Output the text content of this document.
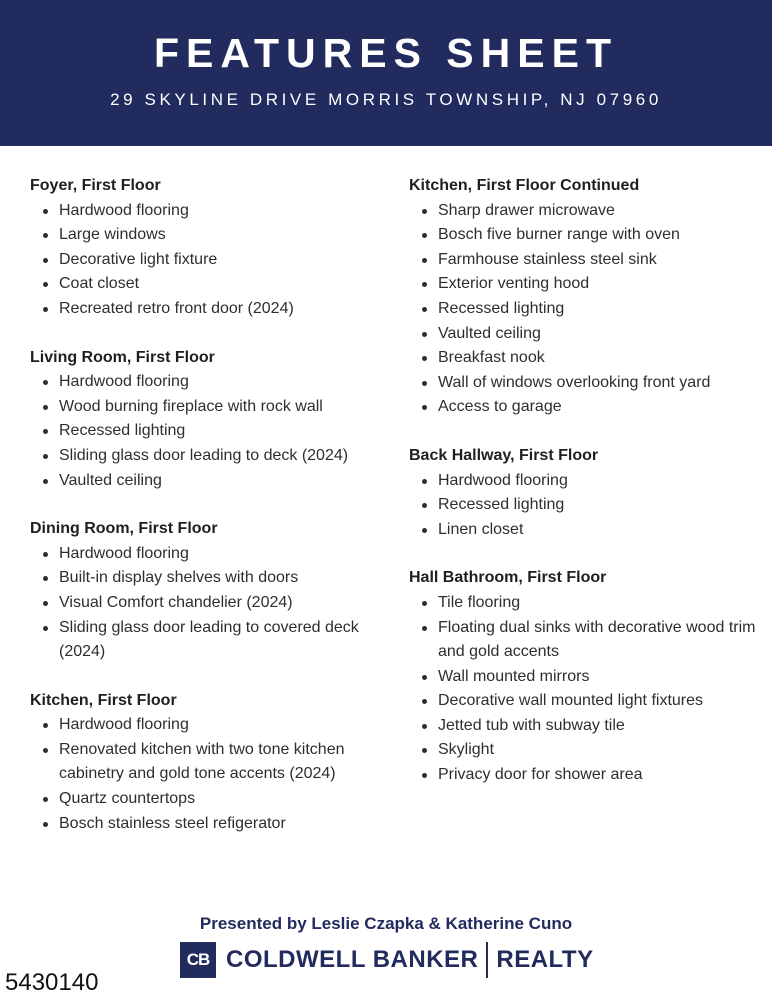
FEATURES SHEET
29 SKYLINE DRIVE MORRIS TOWNSHIP, NJ 07960
Foyer, First Floor
Hardwood flooring
Large windows
Decorative light fixture
Coat closet
Recreated retro front door (2024)
Living Room, First Floor
Hardwood flooring
Wood burning fireplace with rock wall
Recessed lighting
Sliding glass door leading to deck (2024)
Vaulted ceiling
Dining Room, First Floor
Hardwood flooring
Built-in display shelves with doors
Visual Comfort chandelier (2024)
Sliding glass door leading to covered deck (2024)
Kitchen, First Floor
Hardwood flooring
Renovated kitchen with two tone kitchen cabinetry and gold tone accents (2024)
Quartz countertops
Bosch stainless steel refigerator
Kitchen, First Floor Continued
Sharp drawer microwave
Bosch five burner range with oven
Farmhouse stainless steel sink
Exterior venting hood
Recessed lighting
Vaulted ceiling
Breakfast nook
Wall of windows overlooking front yard
Access to garage
Back Hallway, First Floor
Hardwood flooring
Recessed lighting
Linen closet
Hall Bathroom, First Floor
Tile flooring
Floating dual sinks with decorative wood trim and gold accents
Wall mounted mirrors
Decorative wall mounted light fixtures
Jetted tub with subway tile
Skylight
Privacy door for shower area
Presented by Leslie Czapka & Katherine Cuno
CB COLDWELL BANKER REALTY
5430140
